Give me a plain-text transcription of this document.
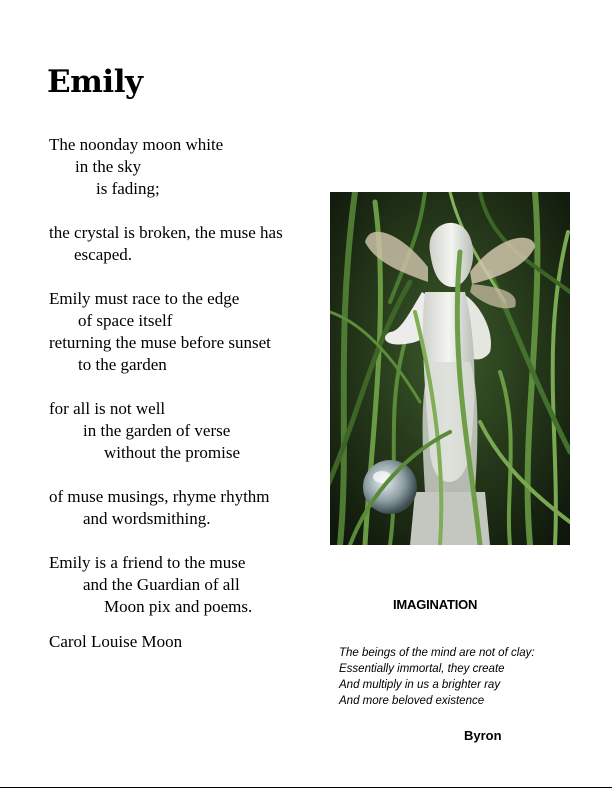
Emily
The noonday moon white
in the sky
is fading;
the crystal is broken, the muse has
escaped.
Emily must race to the edge
of space itself
returning the muse before sunset
to the garden
for all is not well
in the garden of verse
without the promise
of muse musings, rhyme rhythm
and wordsmithing.
Emily is a friend to the muse
and the Guardian of all
Moon pix and poems.
Carol Louise Moon
IMAGINATION
The beings of the mind are not of clay:
Essentially immortal, they create
And multiply in us a brighter ray
And more beloved existence
Byron
